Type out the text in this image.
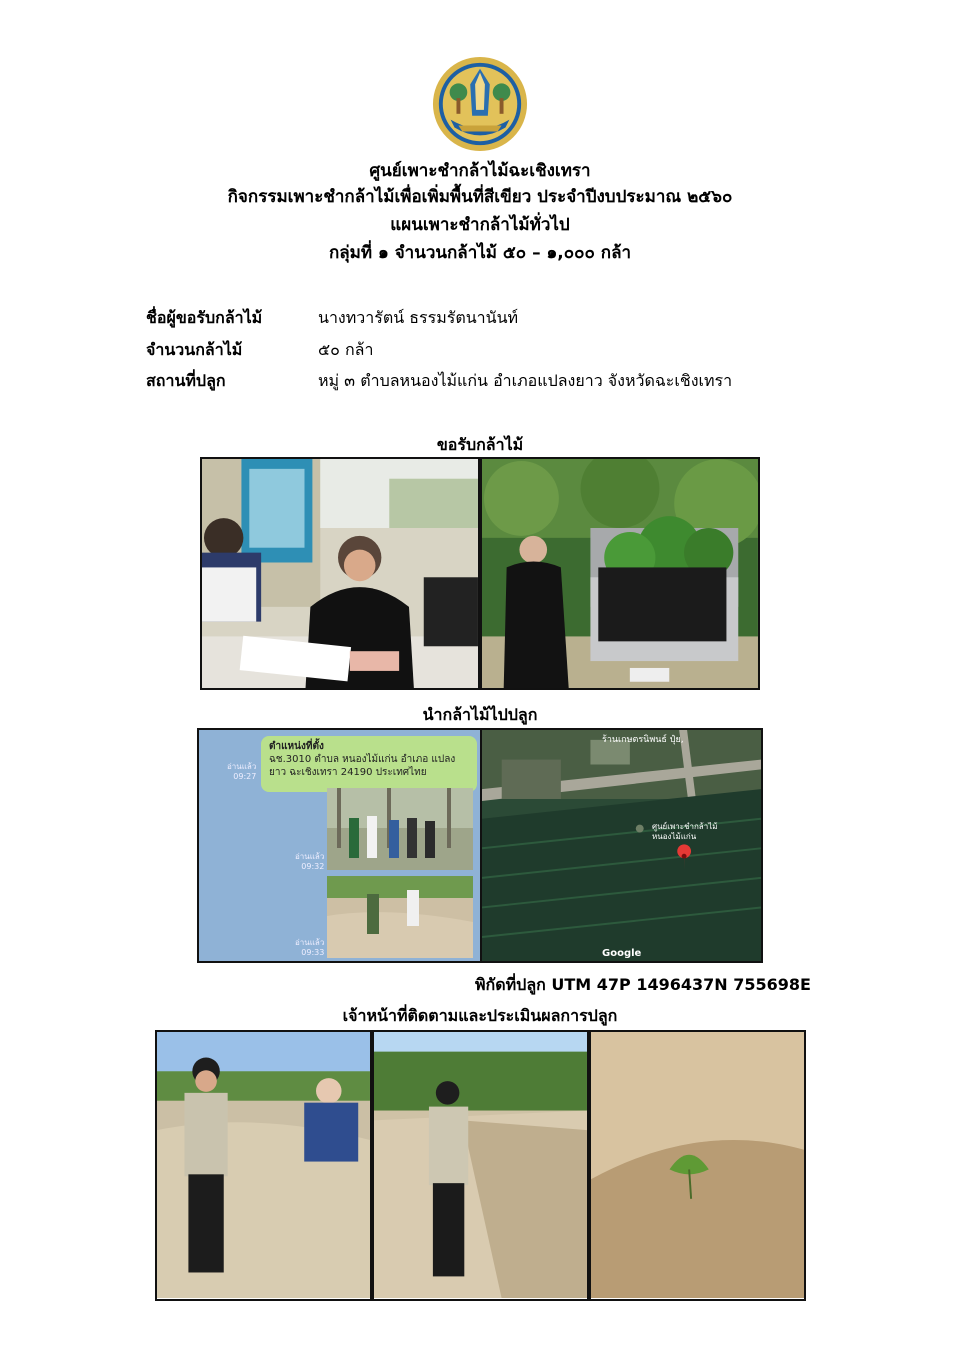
ศูนย์เพาะชำกล้าไม้ฉะเชิงเทรา
กิจกรรมเพาะชำกล้าไม้เพื่อเพิ่มพื้นที่สีเขียว ประจำปีงบประมาณ ๒๕๖๐
แผนเพาะชำกล้าไม้ทั่วไป
กลุ่มที่ ๑ จำนวนกล้าไม้ ๕๐ – ๑,๐๐๐ กล้า
ชื่อผู้ขอรับกล้าไม้	นางทวารัตน์ ธรรมรัตนานันท์
จำนวนกล้าไม้	๕๐ กล้า
สถานที่ปลูก	หมู่ ๓ ตำบลหนองไม้แก่น อำเภอแปลงยาว จังหวัดฉะเชิงเทรา
ขอรับกล้าไม้
นำกล้าไม้ไปปลูก
ตำแหน่งที่ตั้ง
ฉช.3010 ตำบล หนองไม้แก่น อำเภอ แปลงยาว ฉะเชิงเทรา 24190 ประเทศไทย
อ่านแล้ว
09:27
อ่านแล้ว
09:32
อ่านแล้ว
09:33
ร้านเกษตรนิพนธ์ ปุ๋ย,
ศูนย์เพาะชำกล้าไม้
หนองไม้แก่น
Google
พิกัดที่ปลูก UTM 47P 1496437N 755698E
เจ้าหน้าที่ติดตามและประเมินผลการปลูก
